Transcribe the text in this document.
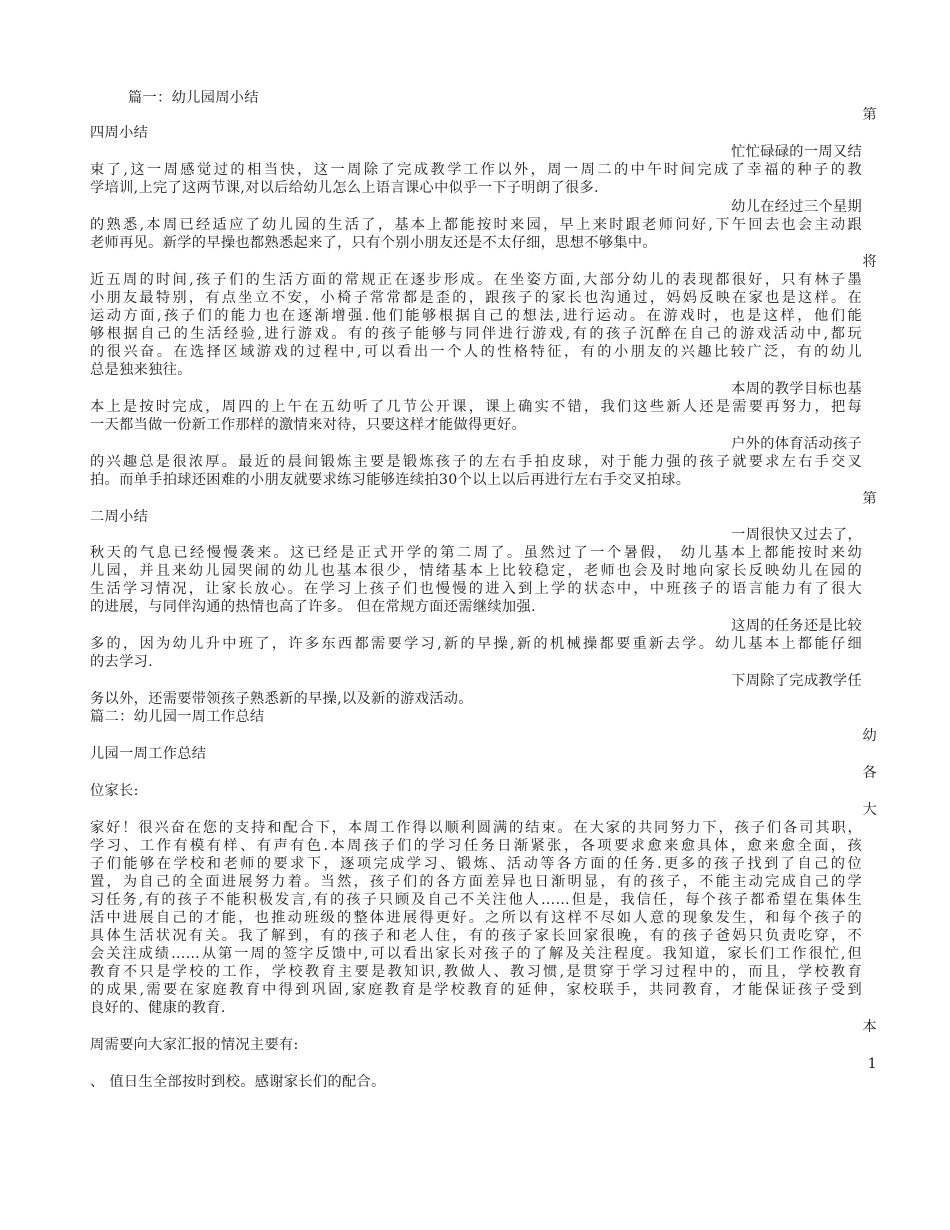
篇一：幼儿园周小结
第
四周小结
忙忙碌碌的一周又结
束了,这一周感觉过的相当快，这一周除了完成教学工作以外，周一周二的中午时间完成了幸福的种子的教
学培训,上完了这两节课,对以后给幼儿怎么上语言课心中似乎一下子明朗了很多.
幼儿在经过三个星期
的熟悉,本周已经适应了幼儿园的生活了，基本上都能按时来园，早上来时跟老师问好,下午回去也会主动跟
老师再见。新学的早操也都熟悉起来了，只有个别小朋友还是不太仔细，思想不够集中。
将
近五周的时间,孩子们的生活方面的常规正在逐步形成。在坐姿方面,大部分幼儿的表现都很好，只有林子墨
小朋友最特别，有点坐立不安，小椅子常常都是歪的，跟孩子的家长也沟通过，妈妈反映在家也是这样。在
运动方面,孩子们的能力也在逐渐增强.他们能够根据自己的想法,进行运动。在游戏时，也是这样，他们能
够根据自己的生活经验,进行游戏。有的孩子能够与同伴进行游戏,有的孩子沉醉在自己的游戏活动中,都玩
的很兴奋。在选择区域游戏的过程中,可以看出一个人的性格特征，有的小朋友的兴趣比较广泛，有的幼儿
总是独来独往。
本周的教学目标也基
本上是按时完成，周四的上午在五幼听了几节公开课，课上确实不错，我们这些新人还是需要再努力，把每
一天都当做一份新工作那样的激情来对待，只要这样才能做得更好。
户外的体育活动孩子
的兴趣总是很浓厚。最近的晨间锻炼主要是锻炼孩子的左右手拍皮球，对于能力强的孩子就要求左右手交叉
拍。而单手拍球还困难的小朋友就要求练习能够连续拍30个以上以后再进行左右手交叉拍球。
第
二周小结
一周很快又过去了，
秋天的气息已经慢慢袭来。这已经是正式开学的第二周了。虽然过了一个暑假， 幼儿基本上都能按时来幼
儿园，并且来幼儿园哭闹的幼儿也基本很少，情绪基本上比较稳定，老师也会及时地向家长反映幼儿在园的
生活学习情况，让家长放心。在学习上孩子们也慢慢的进入到上学的状态中，中班孩子的语言能力有了很大
的进展，与同伴沟通的热情也高了许多。 但在常规方面还需继续加强.
这周的任务还是比较
多的，因为幼儿升中班了，许多东西都需要学习,新的早操,新的机械操都要重新去学。幼儿基本上都能仔细
的去学习.
下周除了完成教学任
务以外，还需要带领孩子熟悉新的早操,以及新的游戏活动。
篇二：幼儿园一周工作总结
幼
儿园一周工作总结
各
位家长:
大
家好！很兴奋在您的支持和配合下，本周工作得以顺利圆满的结束。在大家的共同努力下，孩子们各司其职，
学习、工作有模有样、有声有色.本周孩子们的学习任务日渐紧张，各项要求愈来愈具体，愈来愈全面，孩
子们能够在学校和老师的要求下，逐项完成学习、锻炼、活动等各方面的任务.更多的孩子找到了自己的位
置，为自己的全面进展努力着。当然，孩子们的各方面差异也日渐明显，有的孩子，不能主动完成自己的学
习任务,有的孩子不能积极发言,有的孩子只顾及自己不关注他人……但是，我信任，每个孩子都希望在集体生
活中进展自己的才能，也推动班级的整体进展得更好。之所以有这样不尽如人意的现象发生，和每个孩子的
具体生活状况有关。我了解到，有的孩子和老人住，有的孩子家长回家很晚，有的孩子爸妈只负责吃穿，不
会关注成绩……从第一周的签字反馈中,可以看出家长对孩子的了解及关注程度。我知道，家长们工作很忙,但
教育不只是学校的工作，学校教育主要是教知识,教做人、教习惯,是贯穿于学习过程中的，而且，学校教育
的成果,需要在家庭教育中得到巩固,家庭教育是学校教育的延伸，家校联手，共同教育，才能保证孩子受到
良好的、健康的教育.
本
周需要向大家汇报的情况主要有:
1
、 值日生全部按时到校。感谢家长们的配合。
